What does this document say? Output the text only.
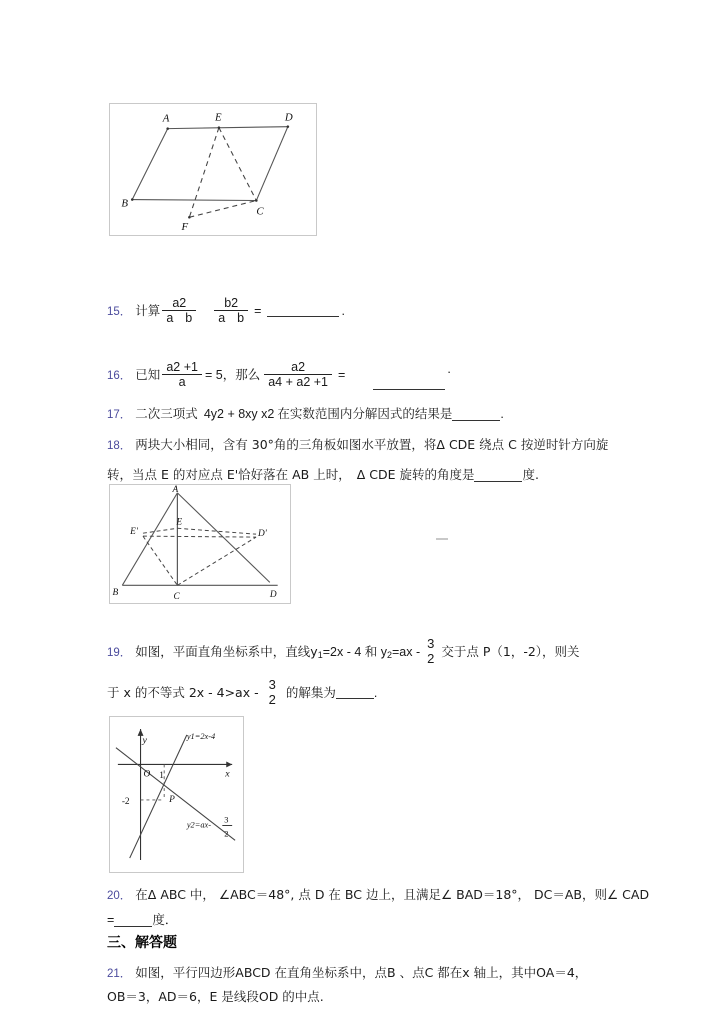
A	E	D
B
C
F
15． 计算 $\frac{a2}{\text{a b}} \frac{b2}{\text{a b}}$ =	.
16． 已知 $\frac{a2 +1}{a} = 5$ ， 那么 $\frac{a2}{a4 + a2 +1}$ =	.
17． 二次三项式 4y2 + 8xy x2 在实数范围内分解因式的结果是	.
18． 两块大小相同，含有 30°角的三角板如图水平放置，将Δ CDE 绕点 C 按逆时针方向旋
转，当点 E 的对应点 E'恰好落在 AB 上时， Δ CDE 旋转的角度是	度.
A
B	C	D
E
E'	D'
19． 如图，平面直角坐标系中，直线y 1 =2x - 4 和 y 2 =ax -
3
2 交于点 P（1，-2），则关
于 x 的不等式 2x - 4>ax -
3
2 的解集为	.
y
x
O 1
-2	P
y1=2x-4
y2=ax-
3
2
20． 在Δ ABC 中， ∠ABC＝48°, 点 D 在 BC 边上，且满足∠ BAD＝18°， DC＝AB，则∠ CAD
=	度．
三、解答题
21． 如图，平行四边形ABCD 在直角坐标系中，点B 、点C 都在x 轴上，其中OA＝4，
OB＝3，AD＝6，E 是线段OD 的中点.
